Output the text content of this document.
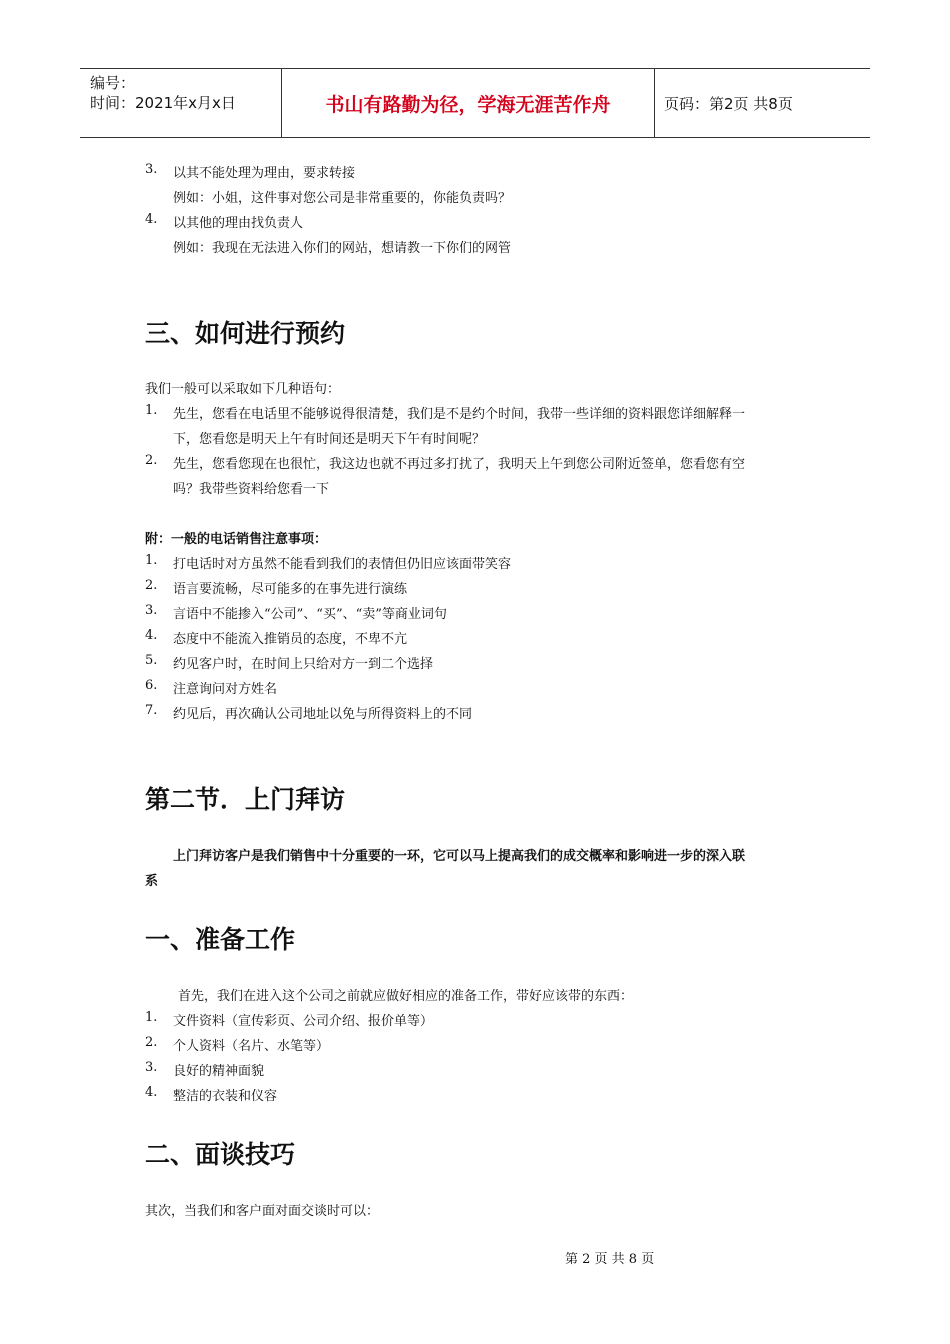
编号：
时间：2021年x月x日	书山有路勤为径，学海无涯苦作舟	页码：第2页 共8页
3. 以其不能处理为理由，要求转接
例如：小姐，这件事对您公司是非常重要的，你能负责吗？
4. 以其他的理由找负责人
例如：我现在无法进入你们的网站，想请教一下你们的网管
三、如何进行预约
我们一般可以采取如下几种语句：
1. 先生，您看在电话里不能够说得很清楚，我们是不是约个时间，我带一些详细的资料跟您详细解释一
下，您看您是明天上午有时间还是明天下午有时间呢？
2. 先生，您看您现在也很忙，我这边也就不再过多打扰了，我明天上午到您公司附近签单，您看您有空
吗？我带些资料给您看一下
附：一般的电话销售注意事项：
1. 打电话时对方虽然不能看到我们的表情但仍旧应该面带笑容
2. 语言要流畅，尽可能多的在事先进行演练
3. 言语中不能掺入“公司”、“买”、“卖”等商业词句
4. 态度中不能流入推销员的态度，不卑不亢
5. 约见客户时，在时间上只给对方一到二个选择
6. 注意询问对方姓名
7. 约见后，再次确认公司地址以免与所得资料上的不同
第二节．上门拜访
上门拜访客户是我们销售中十分重要的一环，它可以马上提高我们的成交概率和影响进一步的深入联
系
一、准备工作
首先，我们在进入这个公司之前就应做好相应的准备工作，带好应该带的东西：
1. 文件资料（宣传彩页、公司介绍、报价单等）
2. 个人资料（名片、水笔等）
3. 良好的精神面貌
4. 整洁的衣装和仪容
二、面谈技巧
其次，当我们和客户面对面交谈时可以：
第 2 页 共 8 页
